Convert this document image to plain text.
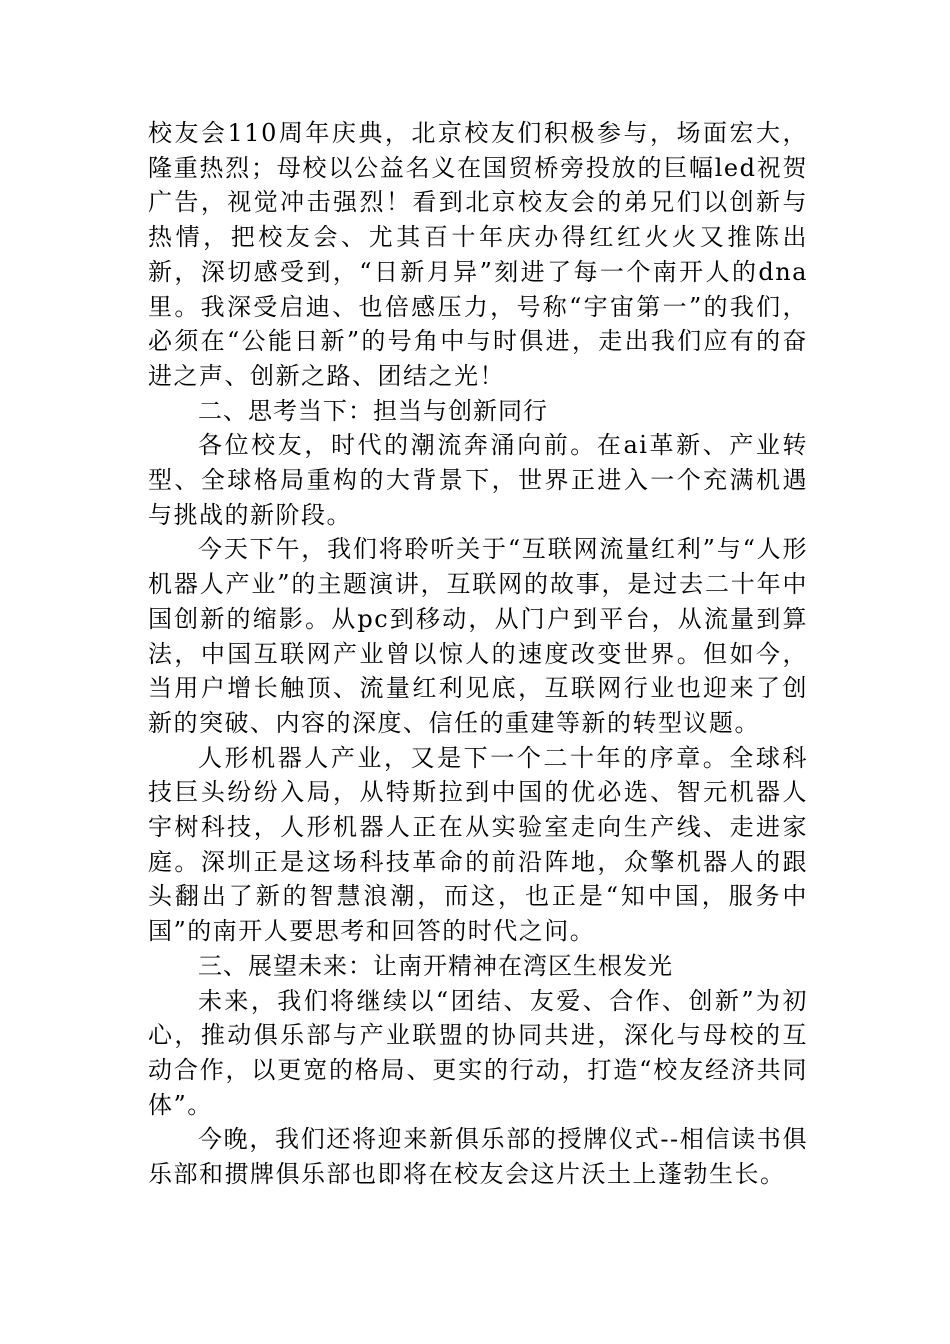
校友会110周年庆典，北京校友们积极参与，场面宏大，隆重热烈；母校以公益名义在国贸桥旁投放的巨幅led祝贺广告，视觉冲击强烈！看到北京校友会的弟兄们以创新与热情，把校友会、尤其百十年庆办得红红火火又推陈出新，深切感受到，“日新月异”刻进了每一个南开人的dna里。我深受启迪、也倍感压力，号称“宇宙第一”的我们，必须在“公能日新”的号角中与时俱进，走出我们应有的奋进之声、创新之路、团结之光！

二、思考当下：担当与创新同行

各位校友，时代的潮流奔涌向前。在ai革新、产业转型、全球格局重构的大背景下，世界正进入一个充满机遇与挑战的新阶段。

今天下午，我们将聆听关于“互联网流量红利”与“人形机器人产业”的主题演讲，互联网的故事，是过去二十年中国创新的缩影。从pc到移动，从门户到平台，从流量到算法，中国互联网产业曾以惊人的速度改变世界。但如今，当用户增长触顶、流量红利见底，互联网行业也迎来了创新的突破、内容的深度、信任的重建等新的转型议题。

人形机器人产业，又是下一个二十年的序章。全球科技巨头纷纷入局，从特斯拉到中国的优必选、智元机器人宇树科技，人形机器人正在从实验室走向生产线、走进家庭。深圳正是这场科技革命的前沿阵地，众擎机器人的跟头翻出了新的智慧浪潮，而这，也正是“知中国，服务中国”的南开人要思考和回答的时代之问。

三、展望未来：让南开精神在湾区生根发光

未来，我们将继续以“团结、友爱、合作、创新”为初心，推动俱乐部与产业联盟的协同共进，深化与母校的互动合作，以更宽的格局、更实的行动，打造“校友经济共同体”。

今晚，我们还将迎来新俱乐部的授牌仪式--相信读书俱乐部和掼牌俱乐部也即将在校友会这片沃土上蓬勃生长。
